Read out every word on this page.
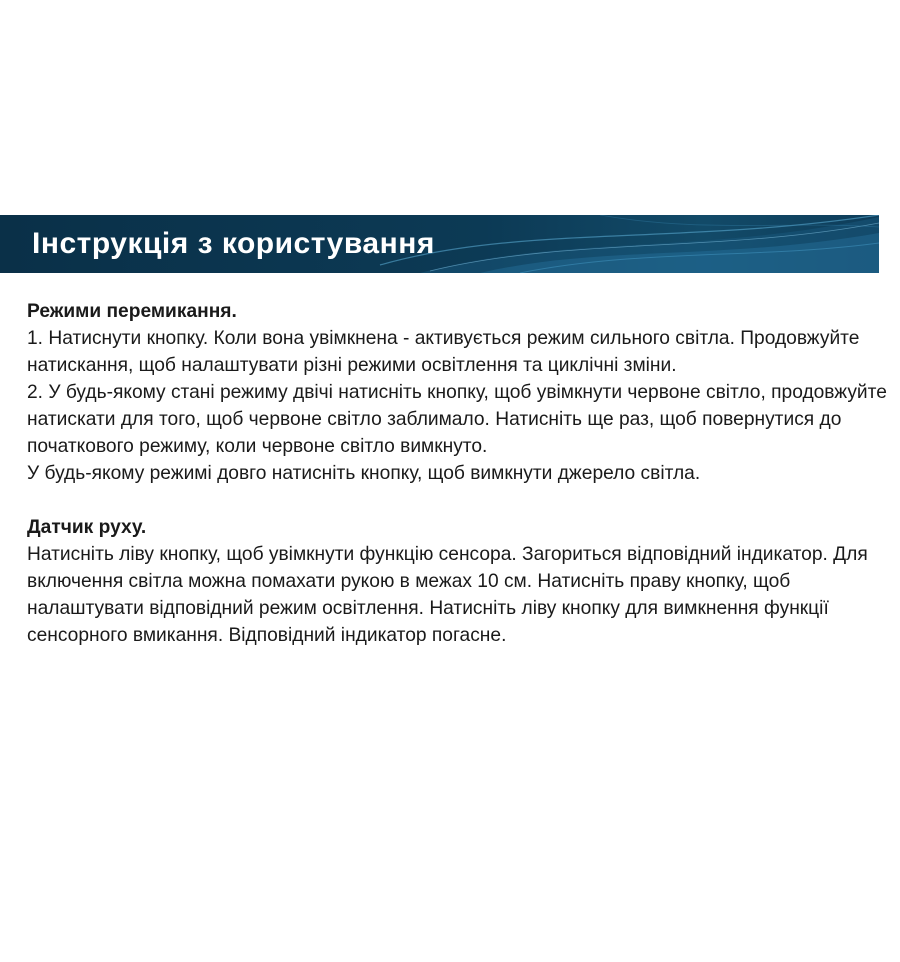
Інструкція з користування
Режими перемикання.
1. Натиснути кнопку. Коли вона увімкнена - активується режим сильного світла. Продовжуйте натискання, щоб налаштувати різні режими освітлення та циклічні зміни.
2. У будь-якому стані режиму двічі натисніть кнопку, щоб увімкнути червоне світло, продовжуйте натискати для того, щоб червоне світло заблимало. Натисніть ще раз, щоб повернутися до початкового режиму, коли червоне світло вимкнуто.
У будь-якому режимі довго натисніть кнопку, щоб вимкнути джерело світла.
Датчик руху.
Натисніть ліву кнопку, щоб увімкнути функцію сенсора. Загориться відповідний індикатор. Для включення світла можна помахати рукою в межах 10 см. Натисніть праву кнопку, щоб налаштувати відповідний режим освітлення. Натисніть ліву кнопку для вимкнення функції сенсорного вмикання. Відповідний індикатор погасне.
